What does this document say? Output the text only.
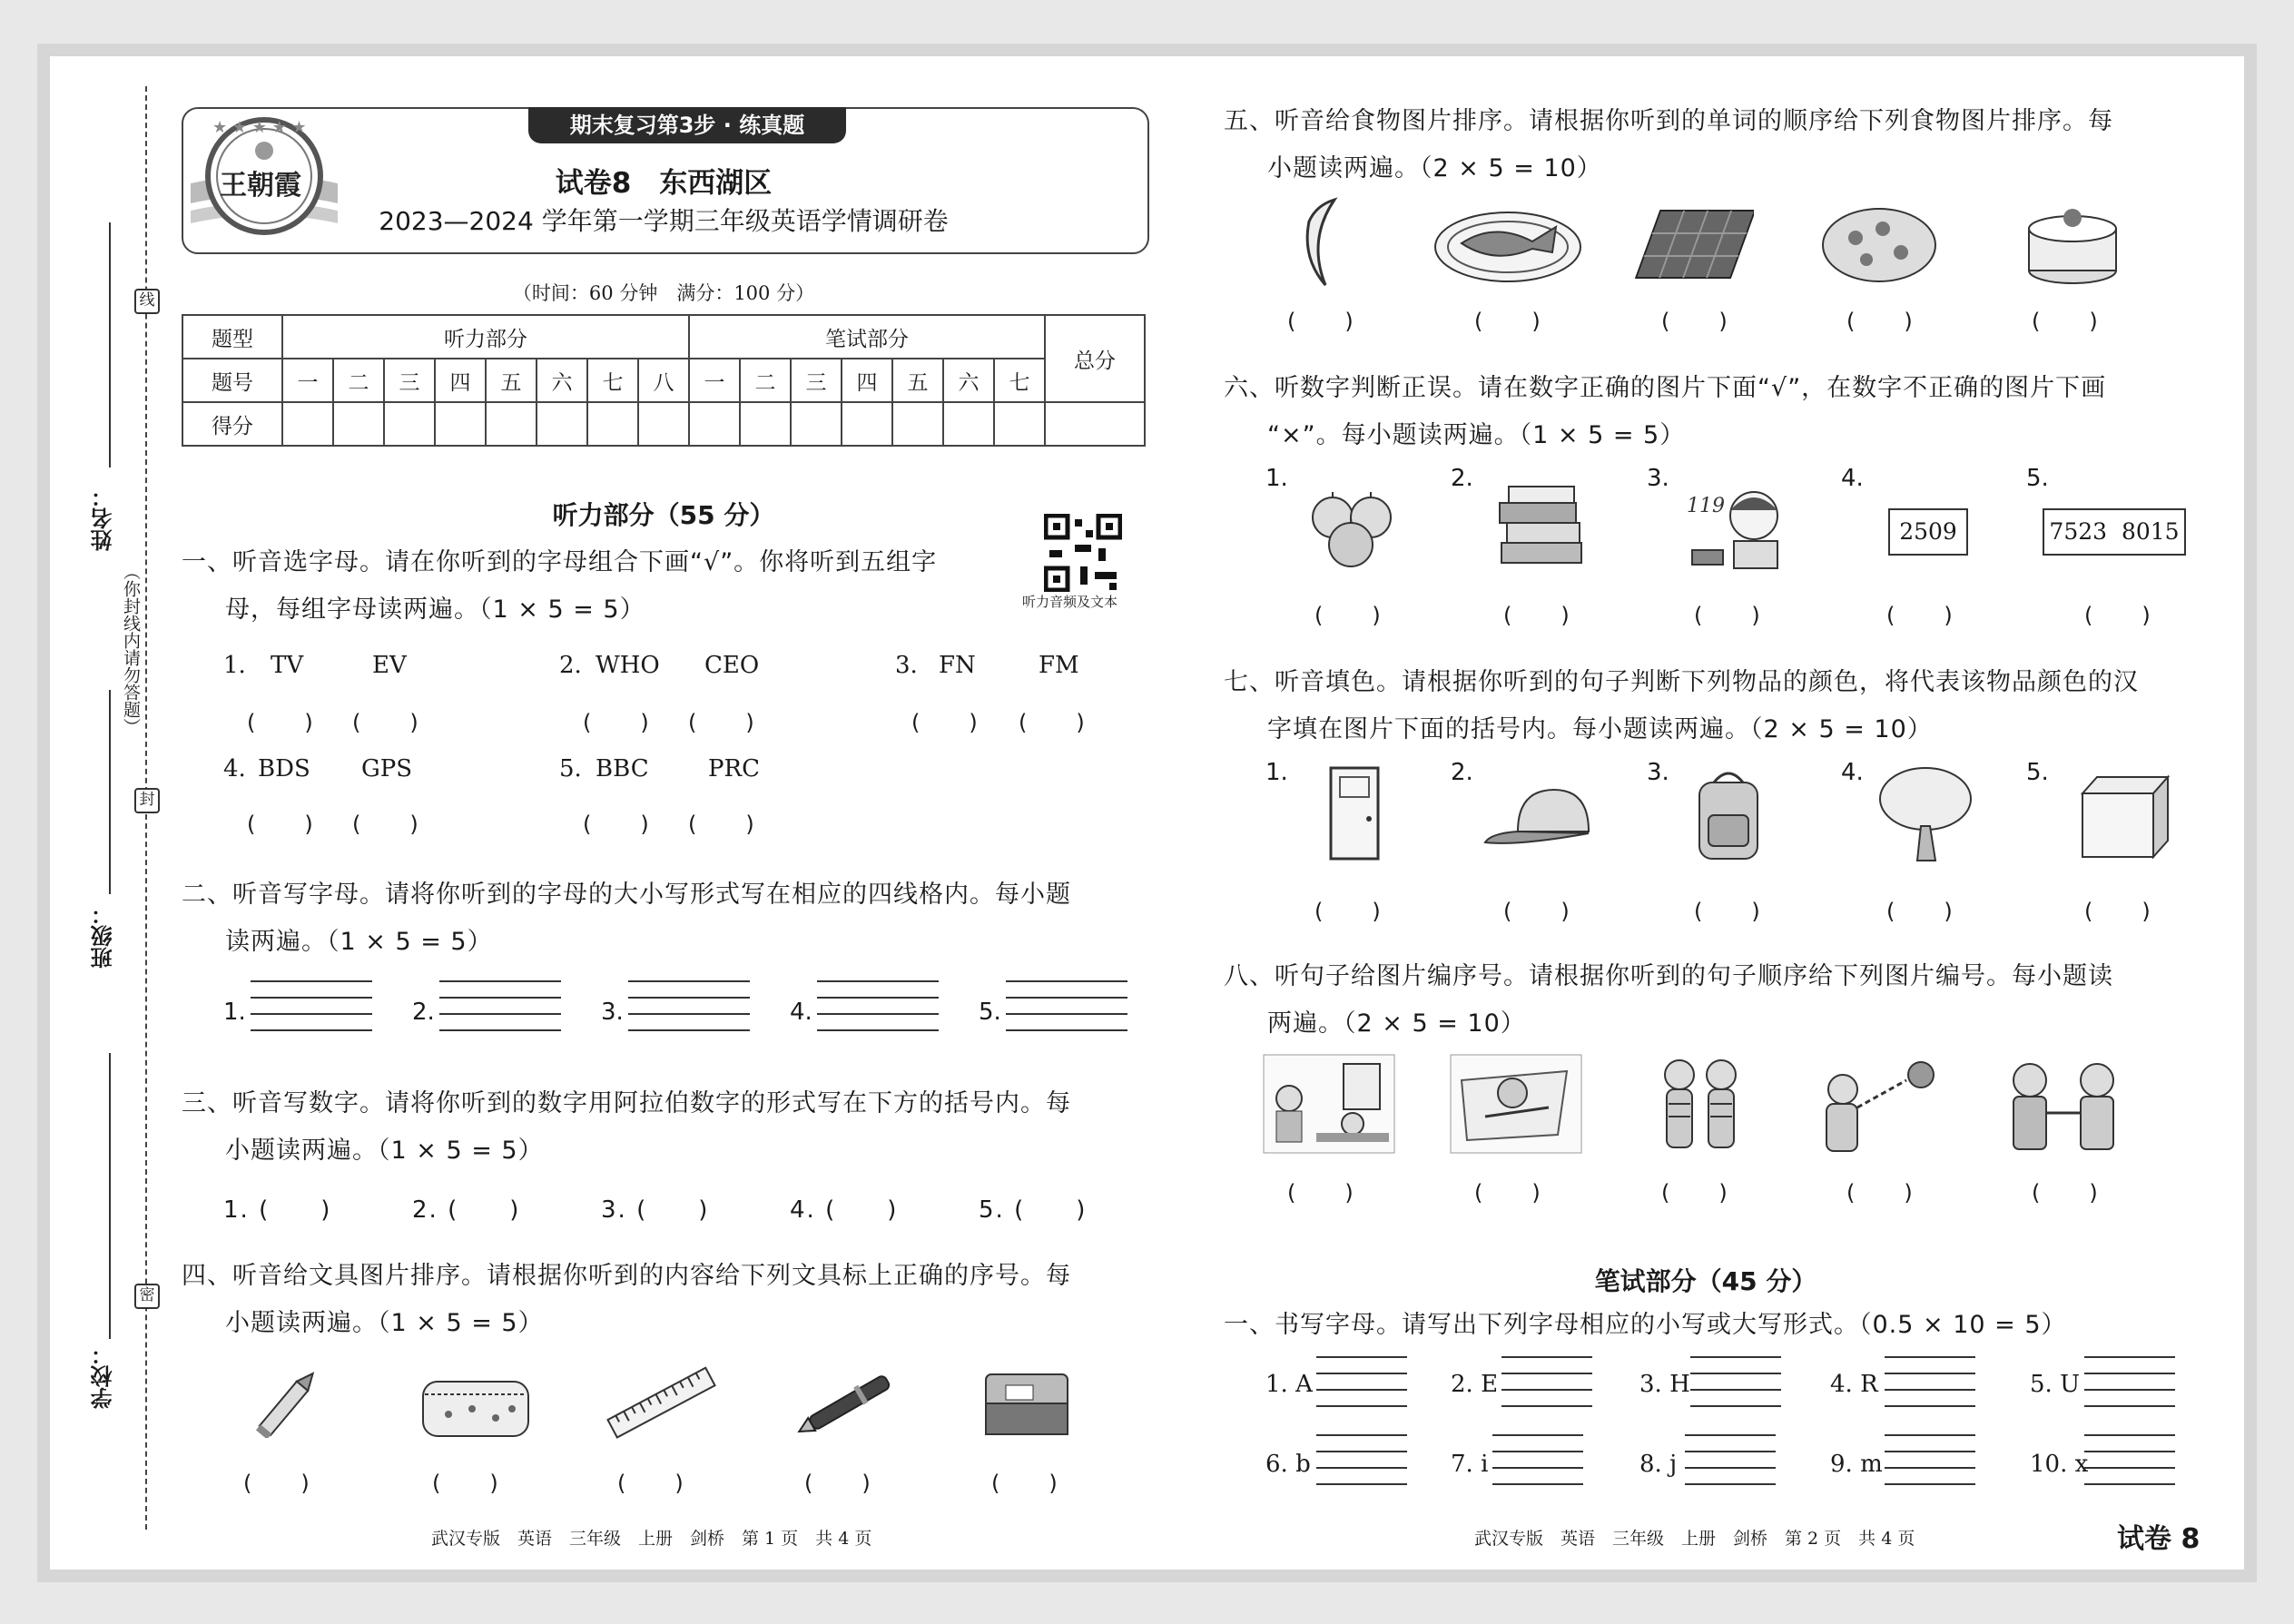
线
封
密
姓名：
班级：
学校：
（你封线内请勿答题）
期末复习第3步 · 练真题
★ ★ ★ ★ ★
王朝霞	试卷8　东西湖区
2023—2024 学年第一学期三年级英语学情调研卷
（时间：60 分钟　满分：100 分）
题型	听力部分								笔试部分							总分
题号	一	二	三	四	五	六	七	八	一	二	三	四	五	六	七	
得分																
听力部分（55 分）
听力音频及文本
一、听音选字母。请在你听到的字母组合下画“√”。你将听到五组字
母，每组字母读两遍。（1 × 5 = 5）
1. TV	EV	2. WHO CEO	3. FN	FM
(　　) (　　)	(　　) (　　)	(　　) (　　)
4. BDS GPS	5. BBC	PRC
(　　) (　　)	(　　) (　　)
二、听音写字母。请将你听到的字母的大小写形式写在相应的四线格内。每小题
读两遍。（1 × 5 = 5）
1.	2.	3.	4.	5.
三、听音写数字。请将你听到的数字用阿拉伯数字的形式写在下方的括号内。每
小题读两遍。（1 × 5 = 5）
1. (　　)	2. (　　)	3. (　　)	4. (　　)	5. (　　)
四、听音给文具图片排序。请根据你听到的内容给下列文具标上正确的序号。每
小题读两遍。（1 × 5 = 5）
(　　)	(　　)	(　　)	(　　)	(　　)
武汉专版　英语　三年级　上册　剑桥　第 1 页　共 4 页
五、听音给食物图片排序。请根据你听到的单词的顺序给下列食物图片排序。每
小题读两遍。（2 × 5 = 10）
(　　)	(　　)	(　　)	(　　)	(　　)
六、听数字判断正误。请在数字正确的图片下面“√”，在数字不正确的图片下画
“×”。每小题读两遍。（1 × 5 = 5）
1.	2.	3.	4.	5.
119
2509	7523  8015
(　　)	(　　)	(　　)	(　　)	(　　)
七、听音填色。请根据你听到的句子判断下列物品的颜色，将代表该物品颜色的汉
字填在图片下面的括号内。每小题读两遍。（2 × 5 = 10）
1.	2.	3.	4.	5.
(　　)	(　　)	(　　)	(　　)	(　　)
八、听句子给图片编序号。请根据你听到的句子顺序给下列图片编号。每小题读
两遍。（2 × 5 = 10）
(　　)	(　　)	(　　)	(　　)	(　　)
笔试部分（45 分）
一、书写字母。请写出下列字母相应的小写或大写形式。（0.5 × 10 = 5）
1. A	2. E	3. H	4. R	5. U
6. b	7. i	8. j	9. m	10. x
武汉专版　英语　三年级　上册　剑桥　第 2 页　共 4 页	试卷 8
